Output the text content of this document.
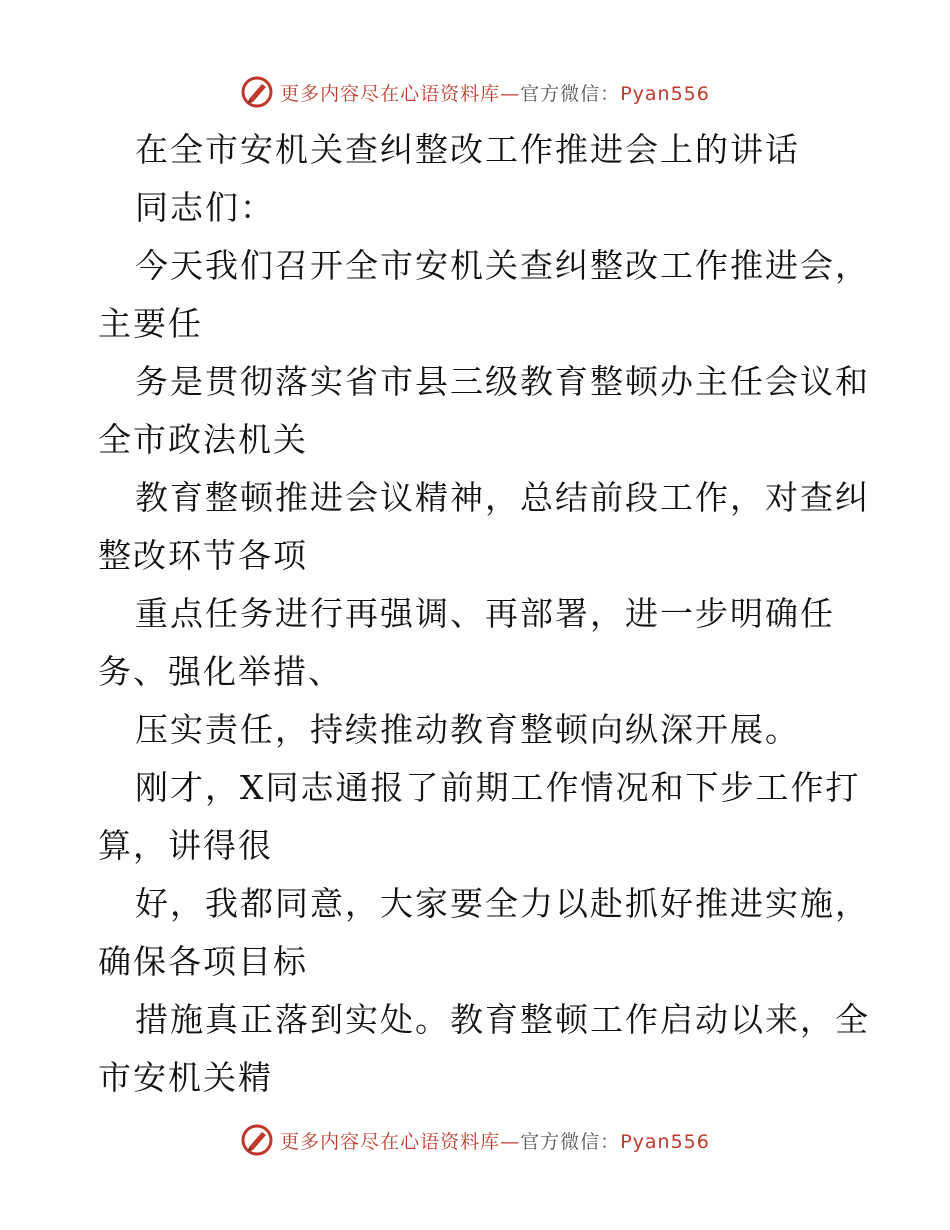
更多内容尽在心语资料库—官方微信：Pyan556
在全市安机关查纠整改工作推进会上的讲话
同志们：
今天我们召开全市安机关查纠整改工作推进会，
主要任
务是贯彻落实省市县三级教育整顿办主任会议和
全市政法机关
教育整顿推进会议精神，总结前段工作，对查纠
整改环节各项
重点任务进行再强调、再部署，进一步明确任
务、强化举措、
压实责任，持续推动教育整顿向纵深开展。
刚才，X同志通报了前期工作情况和下步工作打
算，讲得很
好，我都同意，大家要全力以赴抓好推进实施，
确保各项目标
措施真正落到实处。教育整顿工作启动以来，全
市安机关精
更多内容尽在心语资料库—官方微信：Pyan556
